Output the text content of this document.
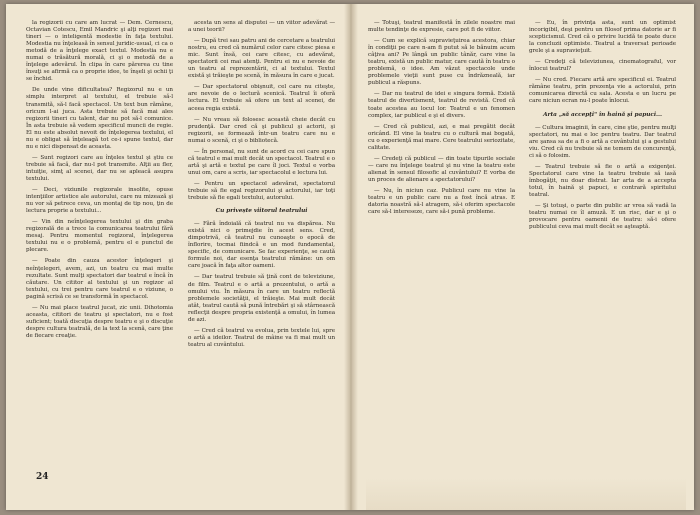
la regizorii cu care am lucrat — Dem. Cernescu, Octavian Cotescu, Emil Mandric şi alţi regizori mai tineri — o inteligentă modestie în faţa textului. Modestia nu înţeleasă în sensul juridic-usual, ci ca o metodă de a înţelege exact textul. Modestia nu e numai o trăsătură morală, ci şi o metodă de a înţelege adevărul. În clipa în care părerea cu tine însuţi se afirmă ca o proprie idee, te înşeli şi ochii ţi se închid.

De unde vine dificultatea? Regizorul nu e un simplu interpret al textului, el trebuie să-l transmită, să-l facă spectacol. Un text bun rămâne, oricum l-ai juca. Asta trebuie să facă mai ales regizorii tineri cu talent, dar nu pot să-l comunice. În asta trebuie să vedem specificul muncii de regie. El nu este absolut nevoit de înţelegerea textului, el nu e obligat să înţeleagă tot ce-i spune textul, dar nu e nici dispensat de aceasta.

— Sunt regizori care au înţeles textul şi ştiu ce trebuie să facă, dar nu-l pot transmite. Alţii au fler, intuiţie, simţ al scenei, dar nu se apleacă asupra textului.

— Deci, viziunile regizorale insolite, opuse intenţiilor artistice ale autorului, care nu mizează şi nu vor să petrece ceva, un montaj de tip nou, ţin de lectura proprie a textului...

— Vin din neînţelegerea textului şi din graba regizorală de a trece la comunicarea teatrului fără mesaj. Pentru momentul regizoral, înţelegerea textului nu e o problemă, pentru el e punctul de plecare.

— Poate din cauza acestor înţelegeri şi neînţelegeri, avem, azi, un teatru cu mai multe rezultate. Sunt mulţi spectatori dar teatrul e încă în căutare. Un cititor al textului şi un regizor al textului, cu trei pentru care teatrul e o viziune, o pagină scrisă ce se transformă în spectacol.

— Nu mai place teatrul jucat, zic unii. Dihotomia aceasta, cititori de teatru şi spectatori, nu e fost suficient; toată discuţia despre teatru e şi o discuţie despre cultura teatrală, de la text la scenă, care ţine de fiecare creaţie.

acesta un sens al disputei — un viitor adevărat — a unei teorii?

— După trei sau patru ani de cercetare a teatrului nostru, eu cred că numărul celor care citesc piesa e mic. Sunt însă, cei care citesc, cu adevărat, spectatorii cei mai atenţi. Pentru ei nu e nevoie de un teatru al reprezentării, ci al textului. Textul există şi trăieşte pe scenă, în măsura în care e jucat.

— Dar spectatorul obişnuit, cel care nu citeşte, are nevoie de o lectură scenică. Teatrul îi oferă lectura. El trebuie să ofere un text al scenei, de aceea regia există.

— Nu vreau să folosesc această cheie decât cu prudenţă. Dar cred că şi publicul şi actorii, şi regizorii, se formează într-un teatru care nu e numai o scenă, ci şi o bibliotecă.

— În personal, nu sunt de acord cu cei care spun că teatrul e mai mult decât un spectacol. Teatrul e o artă şi artă e textul pe care îl joci. Textul e vorba unui om, care a scris, iar spectacolul e lectura lui.

— Pentru un spectacol adevărat, spectatorul trebuie să fie egal regizorului şi actorului, iar toţi trebuie să fie egali textului, autorului.

Cu privește viitorul teatrului

— Fără îndoială că teatrul nu va dispărea. Nu există nici o primejdie în acest sens. Cred, dimpotrivă, că teatrul nu cunoaşte o epocă de înflorire, tocmai fiindcă e un mod fundamental, specific, de comunicare. Se fac experienţe, se caută formule noi, dar esenţa teatrului rămâne: un om care joacă în faţa altor oameni.

— Dar teatrul trebuie să ţină cont de televiziune, de film. Teatrul e o artă a prezentului, o artă a omului viu. În măsura în care un teatru reflectă problemele societăţii, el trăieşte. Mai mult decât atât, teatrul caută să pună întrebări şi să stârnească reflecţii despre propria existenţă a omului, în lumea de azi.

— Cred că teatrul va evolua, prin textele lui, spre o artă a ideilor. Teatrul de mâine va fi mai mult un teatru al cuvântului.

— Totuşi, teatrul manifestă în zilele noastre mai multe tendinţe de expresie, care pot fi de viitor.

— Cum se explică supravieţuirea acestora, chiar în condiţii pe care n-am fi putut să le bănuim acum câţiva ani? Pe lângă un public tânăr, care vine la teatru, există un public matur, care caută în teatru o problemă, o idee. Am văzut spectacole unde problemele vieţii sunt puse cu îndrăzneală, iar publicul a răspuns.

— Dar nu teatrul de idei e singura formă. Există teatrul de divertisment, teatrul de revistă. Cred că toate acestea au locul lor. Teatrul e un fenomen complex, iar publicul e şi el divers.

— Cred că publicul, azi, e mai pregătit decât oricând. El vine la teatru cu o cultură mai bogată, cu o experienţă mai mare. Cere teatrului seriozitate, calitate.

— Credeţi că publicul — din toate tipurile sociale — care nu înţelege teatrul şi nu vine la teatru este alienat în sensul filosofic al cuvântului? E vorba de un proces de alienare a spectatorului?

— Nu, în niciun caz. Publicul care nu vine la teatru e un public care nu a fost încă atras. E datoria noastră să-l atragem, să-i oferim spectacole care să-l intereseze, care să-i pună probleme.

— Eu, în privinţa asta, sunt un optimist incorigibil, deşi pentru un filosof prima datorie ar fi scepticismul. Cred că o privire lucidă te poate duce la concluzii optimiste. Teatrul a traversat perioade grele şi a supravieţuit.

— Credeţi că televiziunea, cinematograful, vor înlocui teatrul?

— Nu cred. Fiecare artă are specificul ei. Teatrul rămâne teatru, prin prezenţa vie a actorului, prin comunicarea directă cu sala. Acesta e un lucru pe care niciun ecran nu-l poate înlocui.

Arta „să accepţi" în haină şi papuci...

— Cultura imaginii, în care, cine ştie, pentru mulţi spectatori, nu mai e loc pentru teatru. Dar teatrul are şansa sa de a fi o artă a cuvântului şi a gestului viu. Cred că nu trebuie să ne temem de concurenţă, ci să o folosim.

— Teatrul trebuie să fie o artă a exigenţei. Spectatorul care vine la teatru trebuie să iasă îmbogăţit, nu doar distrat. Iar arta de a accepta totul, în haină şi papuci, e contrară spiritului teatral.

— Şi totuşi, o parte din public ar vrea să vadă la teatru numai ce îl amuză. E un risc, dar e şi o provocare pentru oamenii de teatru: să-i ofere publicului ceva mai mult decât se aşteaptă.

24
